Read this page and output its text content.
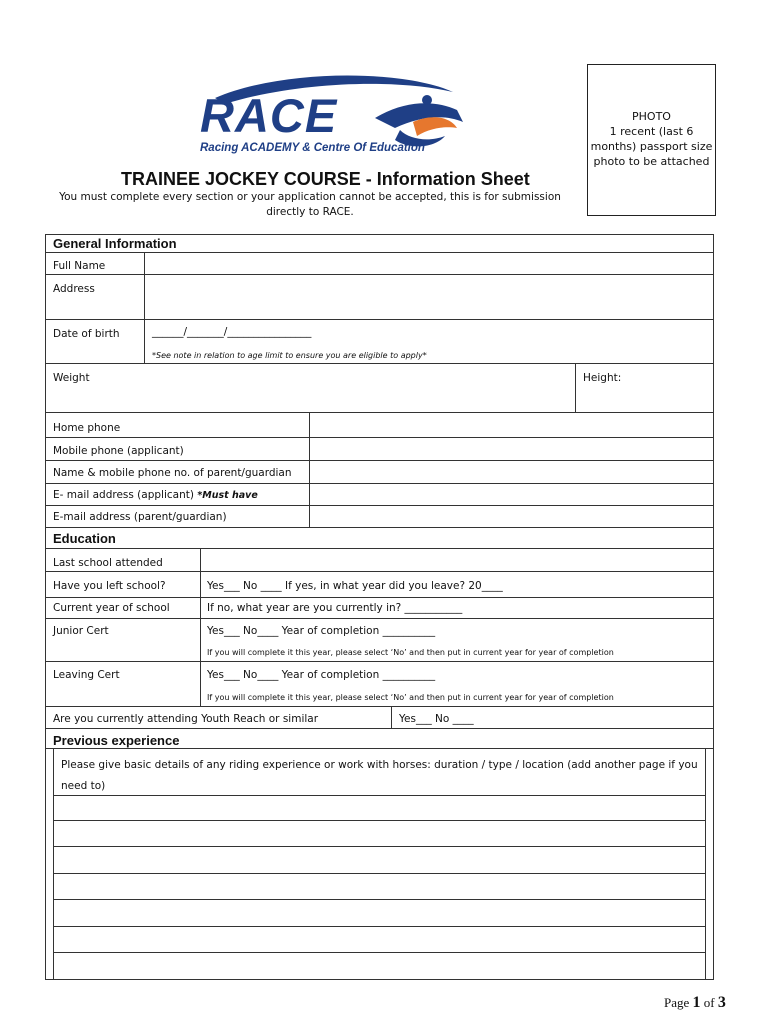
RACE
Racing ACADEMY & Centre Of Education
PHOTO
1 recent (last 6
months) passport size
photo to be attached
TRAINEE JOCKEY COURSE - Information Sheet
You must complete every section or your application cannot be accepted, this is for submission
directly to RACE.
General Information
Full Name
Address
Date of birth	______/_______/________________
*See note in relation to age limit to ensure you are eligible to apply*
Weight	Height:
Home phone
Mobile phone (applicant)
Name & mobile phone no. of parent/guardian
E- mail address (applicant) *Must have
E-mail address (parent/guardian)
Education
Last school attended
Have you left school?	Yes___ No ____ If yes, in what year did you leave? 20____
Current year of school	If no, what year are you currently in? ___________
Junior Cert	Yes___ No____ Year of completion __________
If you will complete it this year, please select ‘No’ and then put in current year for year of completion
Leaving Cert	Yes___ No____ Year of completion __________
If you will complete it this year, please select ‘No’ and then put in current year for year of completion
Are you currently attending Youth Reach or similar	Yes___ No ____
Previous experience
Please give basic details of any riding experience or work with horses: duration / type / location (add another page if you
need to)
Page 1 of 3
